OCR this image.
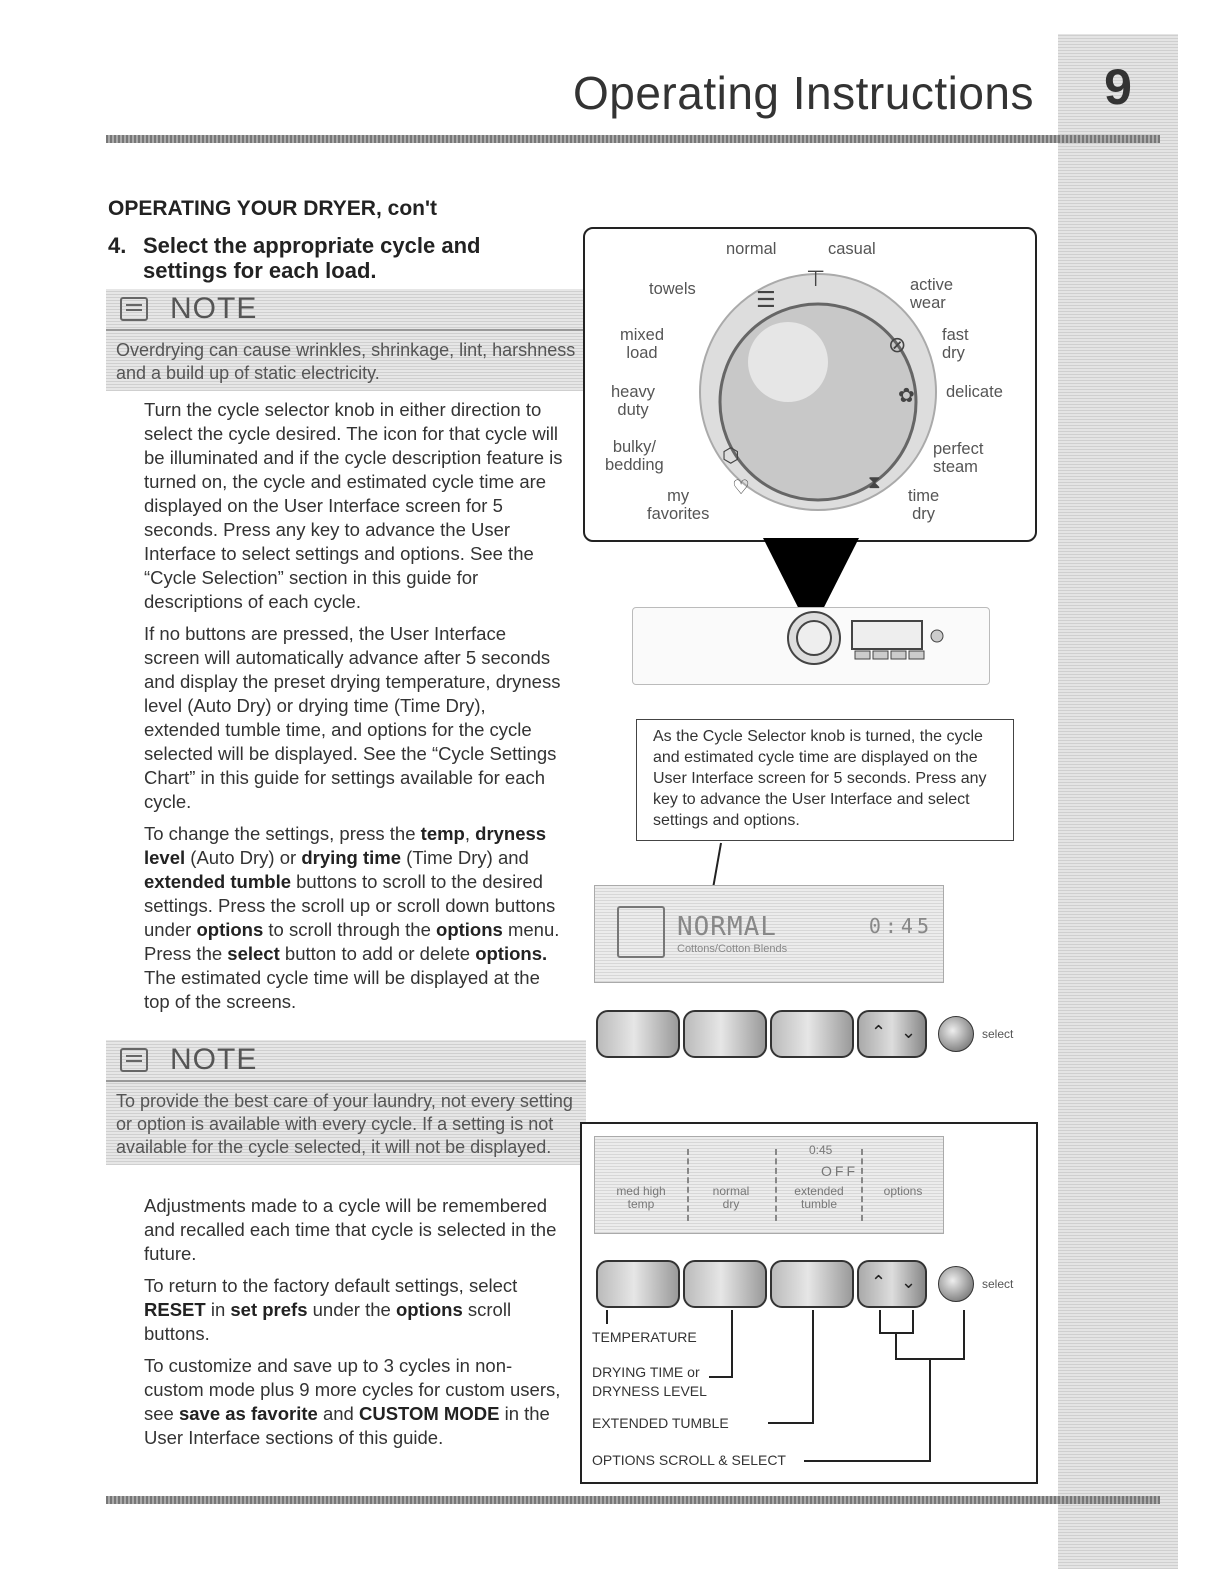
9
Operating Instructions
OPERATING YOUR DRYER, con't
4. Select the appropriate cycle and settings for each load.
NOTE
Overdrying can cause wrinkles, shrinkage, lint, harshness and a build up of static electricity.

Turn the cycle selector knob in either direction to select the cycle desired. The icon for that cycle will be illuminated and if the cycle description feature is turned on, the cycle and estimated cycle time are displayed on the User Interface screen for 5 seconds. Press any key to advance the User Interface to select settings and options. See the “Cycle Selection” section in this guide for descriptions of each cycle.

If no buttons are pressed, the User Interface screen will automatically advance after 5 seconds and display the preset drying temperature, dryness level (Auto Dry) or drying time (Time Dry), extended tumble time, and options for the cycle selected will be displayed. See the “Cycle Settings Chart” in this guide for settings available for each cycle.

To change the settings, press the temp, dryness level (Auto Dry) or drying time (Time Dry) and extended tumble buttons to scroll to the desired settings. Press the scroll up or scroll down buttons under options to scroll through the options menu. Press the select button to add or delete options. The estimated cycle time will be displayed at the top of the screens.

NOTE
To provide the best care of your laundry, not every setting or option is available with every cycle. If a setting is not available for the cycle selected, it will not be displayed.

Adjustments made to a cycle will be remembered and recalled each time that cycle is selected in the future.

To return to the factory default settings, select RESET in set prefs under the options scroll buttons.

To customize and save up to 3 cycles in non-custom mode plus 9 more cycles for custom users, see save as favorite and CUSTOM MODE in the User Interface sections of this guide.

☰
⊤
⊘
✿
⬡
♡	⧗
normal	casual
towels	active
wear
mixed
load
fast
dry
heavy
duty
delicate
bulky/
bedding
perfect
steam
my
favorites
time
dry
As the Cycle Selector knob is turned, the cycle and estimated cycle time are displayed on the User Interface screen for 5 seconds. Press any key to advance the User Interface and select settings and options.
NORMAL
Cottons/Cotton Blends
0:45
⌃ ⌄	select
0:45
med high
temp
normal
dry
OFF
extended
tumble
options
⌃ ⌄	select
TEMPERATURE
DRYING TIME or
DRYNESS LEVEL
EXTENDED TUMBLE
OPTIONS SCROLL & SELECT
